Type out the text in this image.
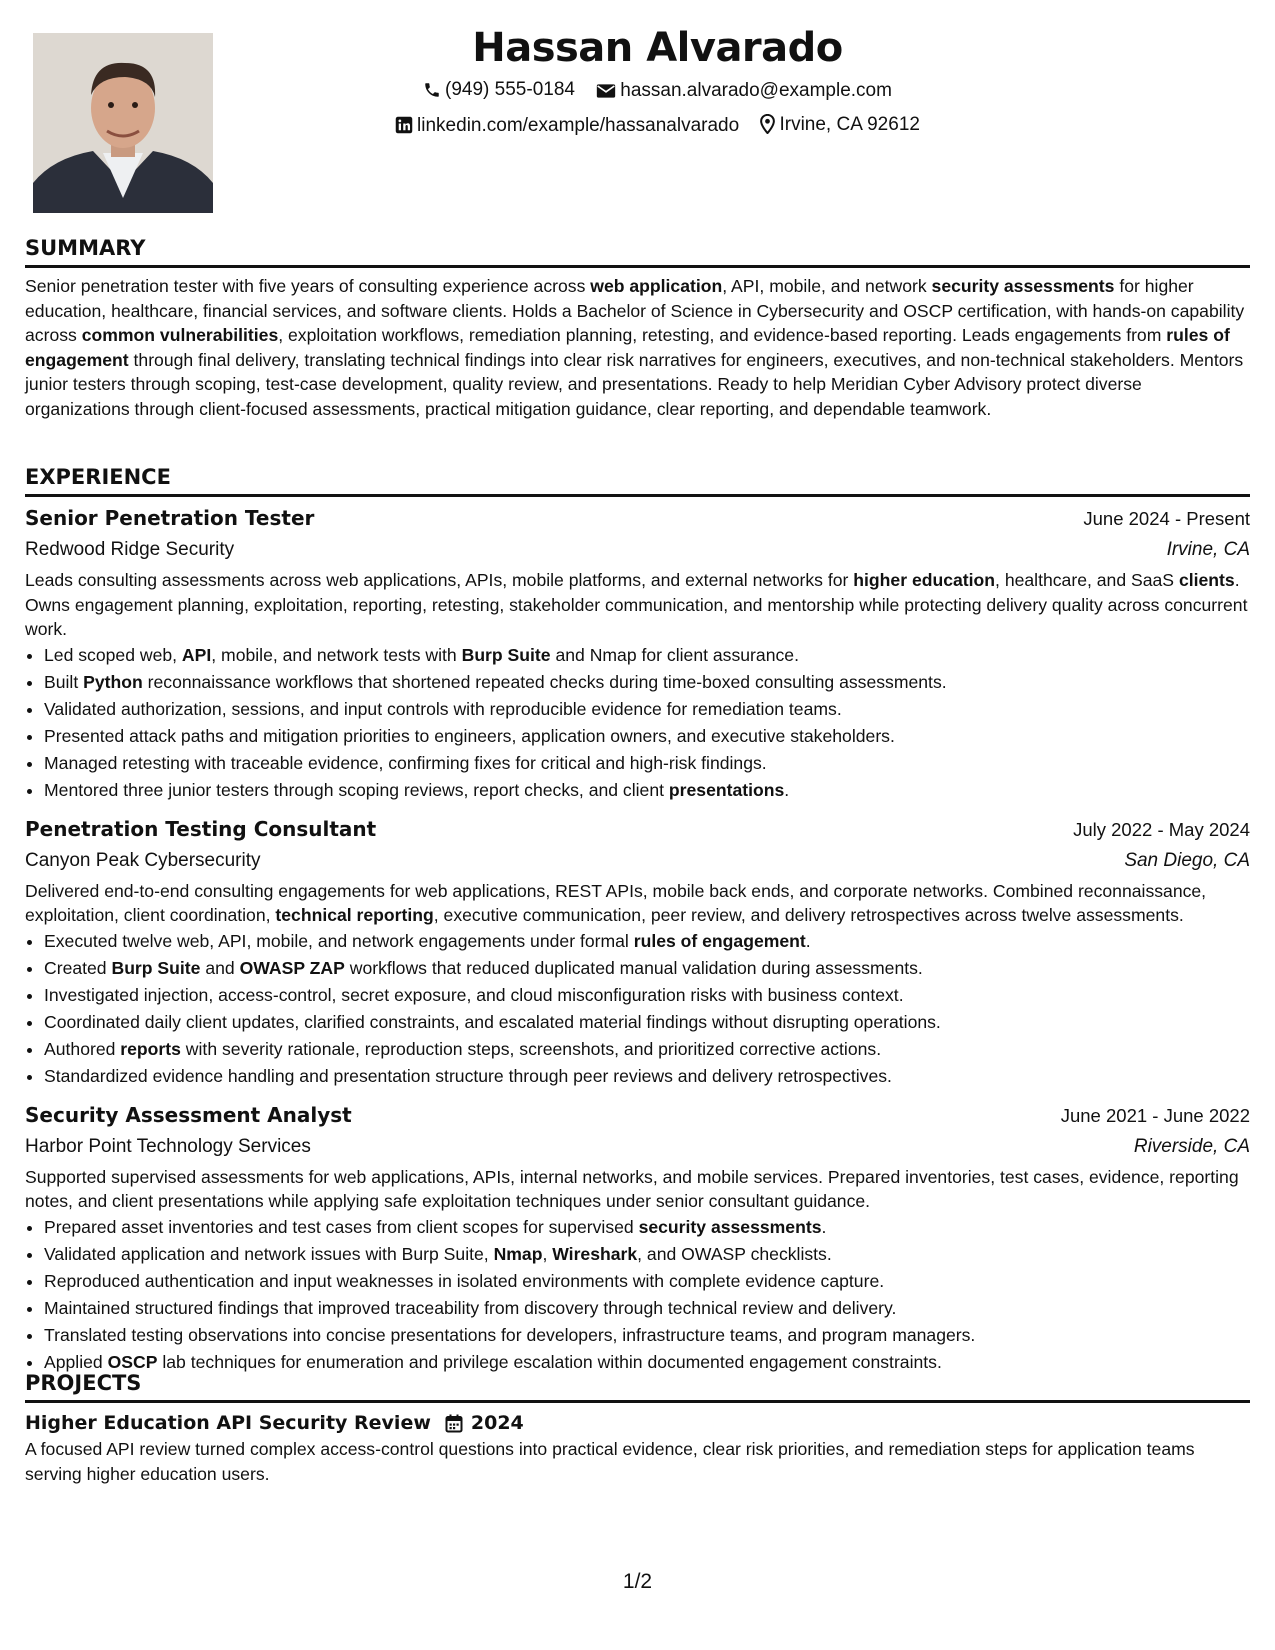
Hassan Alvarado
(949) 555-0184
hassan.alvarado@example.com
linkedin.com/example/hassanalvarado
Irvine, CA 92612
SUMMARY

Senior penetration tester with five years of consulting experience across web application, API, mobile, and network security assessments for higher education, healthcare, financial services, and software clients. Holds a Bachelor of Science in Cybersecurity and OSCP certification, with hands-on capability across common vulnerabilities, exploitation workflows, remediation planning, retesting, and evidence-based reporting. Leads engagements from rules of engagement through final delivery, translating technical findings into clear risk narratives for engineers, executives, and non-technical stakeholders. Mentors junior testers through scoping, test-case development, quality review, and presentations. Ready to help Meridian Cyber Advisory protect diverse organizations through client-focused assessments, practical mitigation guidance, clear reporting, and dependable teamwork.

EXPERIENCE
Senior Penetration Tester	June 2024 - Present
Redwood Ridge Security	Irvine, CA

Leads consulting assessments across web applications, APIs, mobile platforms, and external networks for higher education, healthcare, and SaaS clients. Owns engagement planning, exploitation, reporting, retesting, stakeholder communication, and mentorship while protecting delivery quality across concurrent work.

• Led scoped web, API, mobile, and network tests with Burp Suite and Nmap for client assurance.
• Built Python reconnaissance workflows that shortened repeated checks during time-boxed consulting assessments.
• Validated authorization, sessions, and input controls with reproducible evidence for remediation teams.
• Presented attack paths and mitigation priorities to engineers, application owners, and executive stakeholders.
• Managed retesting with traceable evidence, confirming fixes for critical and high-risk findings.
• Mentored three junior testers through scoping reviews, report checks, and client presentations.
Penetration Testing Consultant	July 2022 - May 2024
Canyon Peak Cybersecurity	San Diego, CA

Delivered end-to-end consulting engagements for web applications, REST APIs, mobile back ends, and corporate networks. Combined reconnaissance, exploitation, client coordination, technical reporting, executive communication, peer review, and delivery retrospectives across twelve assessments.

• Executed twelve web, API, mobile, and network engagements under formal rules of engagement.
• Created Burp Suite and OWASP ZAP workflows that reduced duplicated manual validation during assessments.
• Investigated injection, access-control, secret exposure, and cloud misconfiguration risks with business context.
• Coordinated daily client updates, clarified constraints, and escalated material findings without disrupting operations.
• Authored reports with severity rationale, reproduction steps, screenshots, and prioritized corrective actions.
• Standardized evidence handling and presentation structure through peer reviews and delivery retrospectives.
Security Assessment Analyst	June 2021 - June 2022
Harbor Point Technology Services	Riverside, CA

Supported supervised assessments for web applications, APIs, internal networks, and mobile services. Prepared inventories, test cases, evidence, reporting notes, and client presentations while applying safe exploitation techniques under senior consultant guidance.

• Prepared asset inventories and test cases from client scopes for supervised security assessments.
• Validated application and network issues with Burp Suite, Nmap, Wireshark, and OWASP checklists.
• Reproduced authentication and input weaknesses in isolated environments with complete evidence capture.
• Maintained structured findings that improved traceability from discovery through technical review and delivery.
• Translated testing observations into concise presentations for developers, infrastructure teams, and program managers.
• Applied OSCP lab techniques for enumeration and privilege escalation within documented engagement constraints.
PROJECTS
Higher Education API Security Review 2024

A focused API review turned complex access-control questions into practical evidence, clear risk priorities, and remediation steps for application teams serving higher education users.

1/2
